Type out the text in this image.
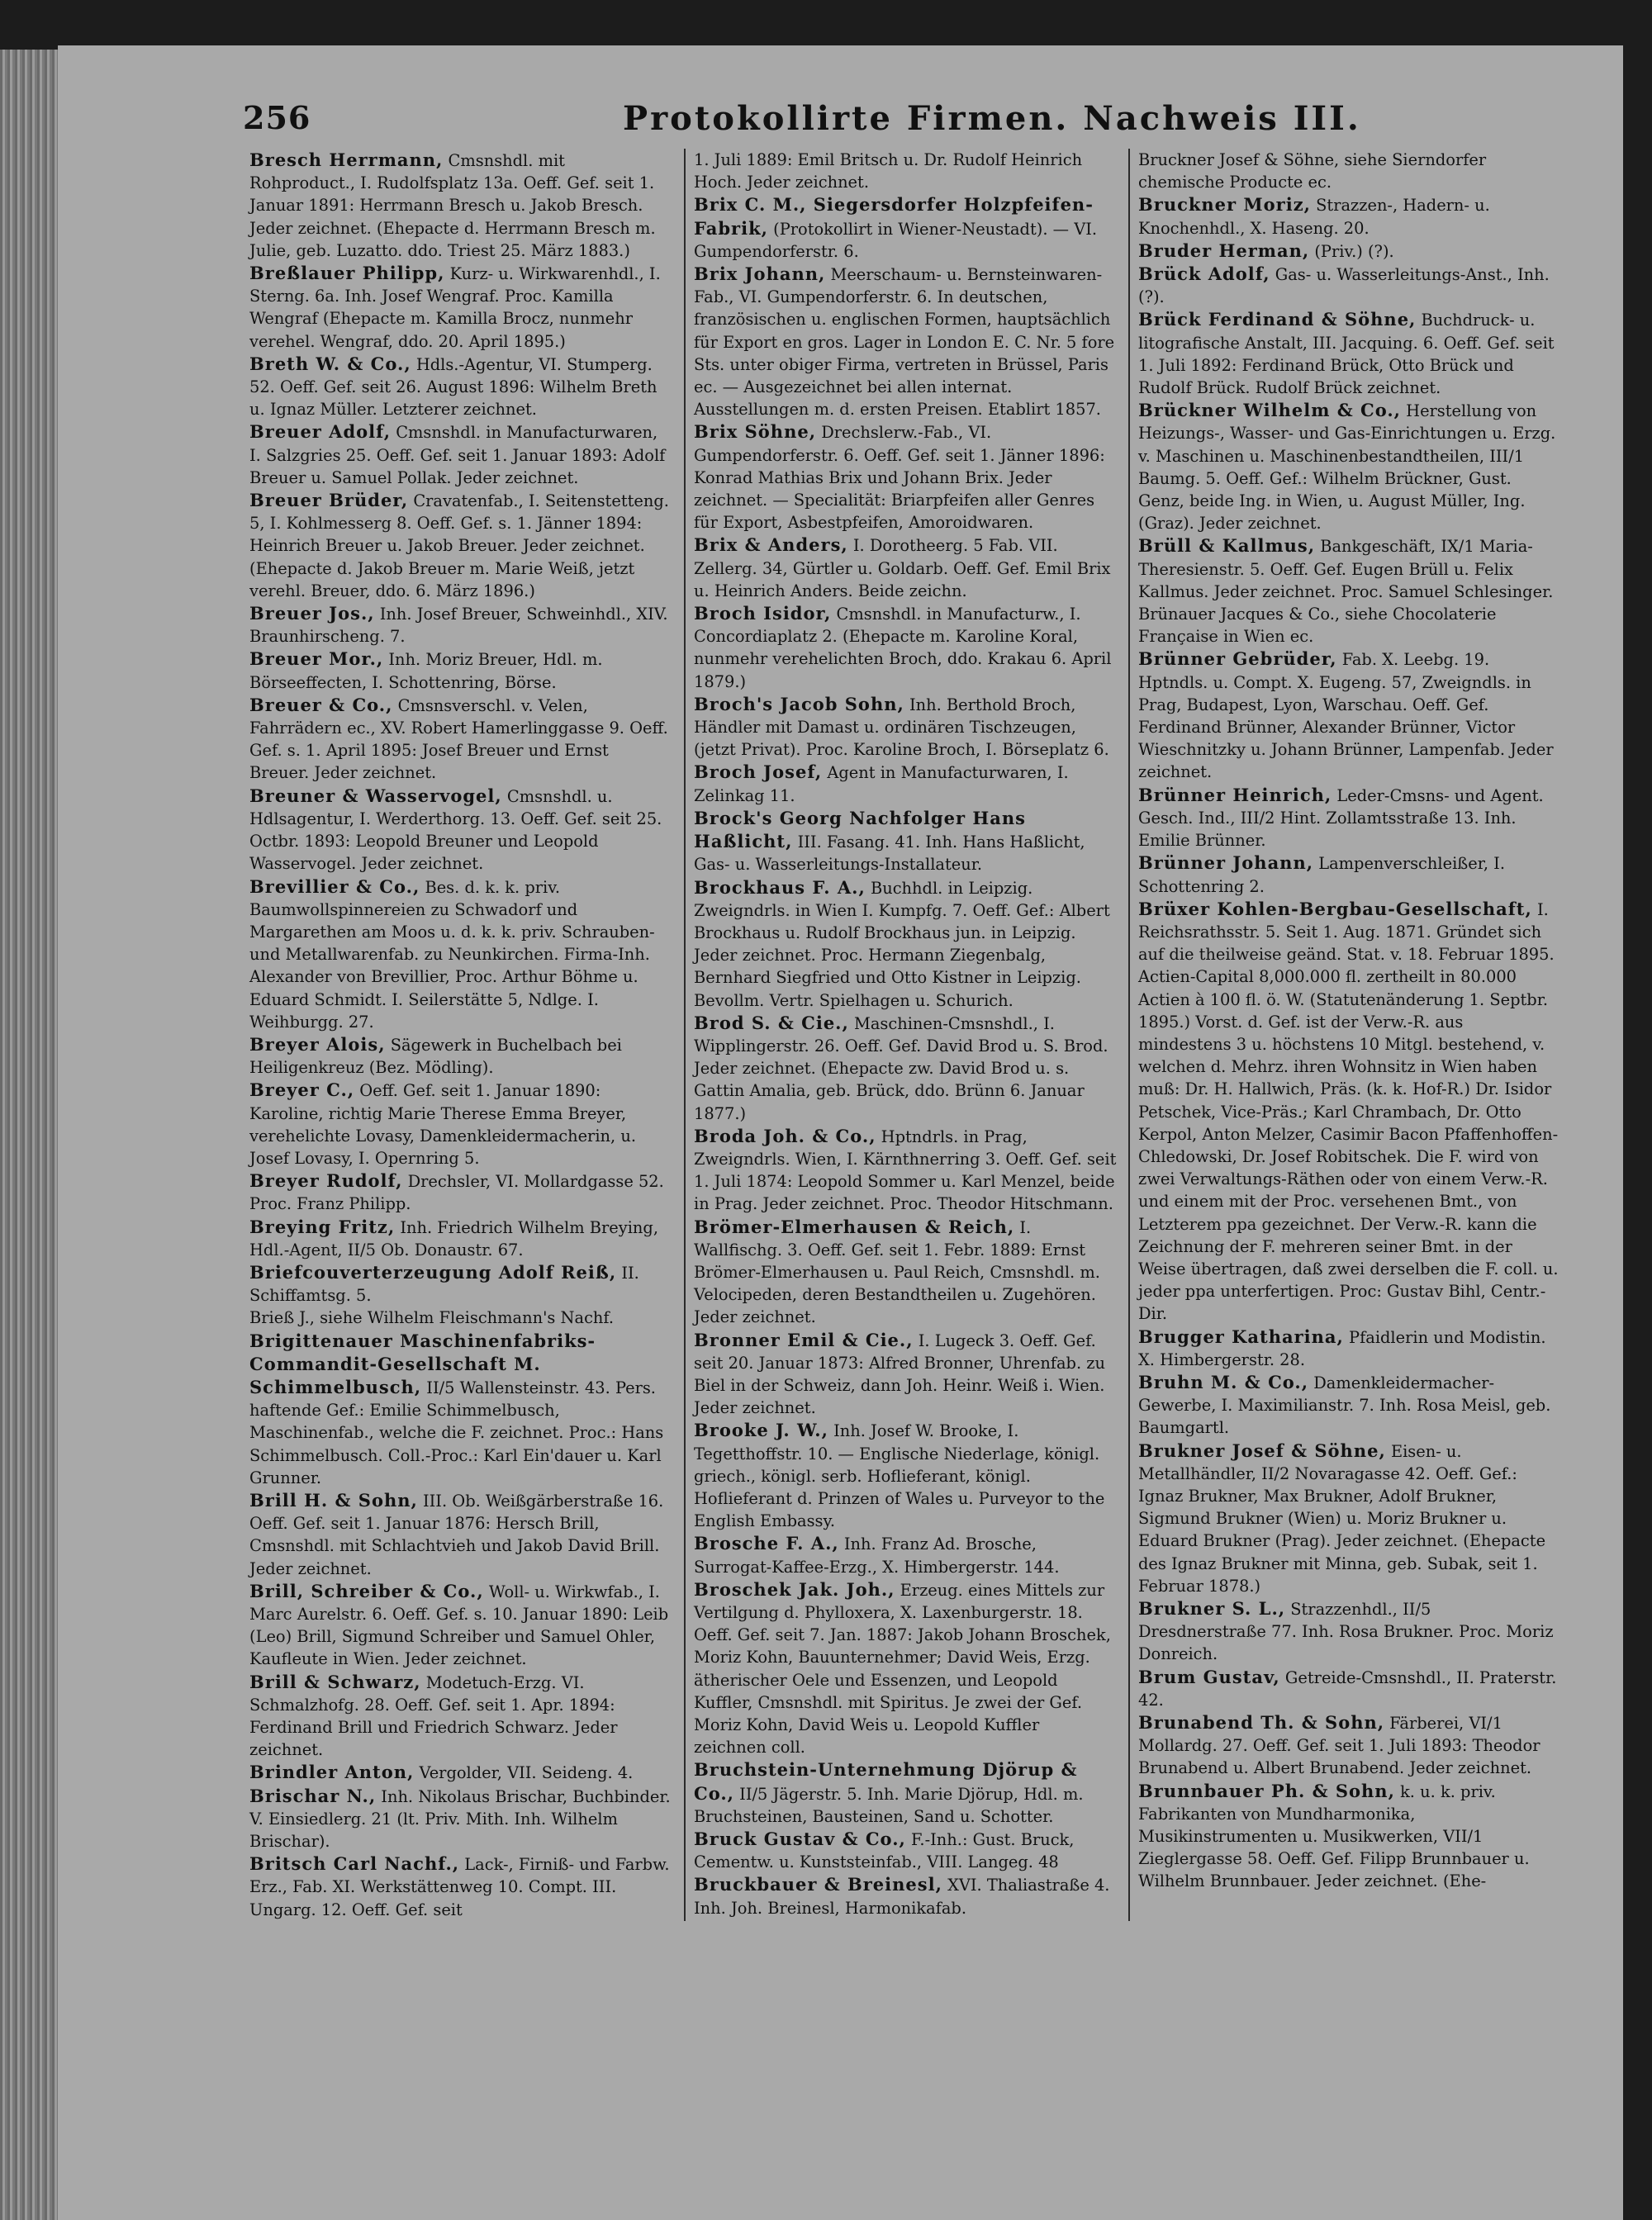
256	Protokollirte Firmen. Nachweis III.

Bresch Herrmann, Cmsnshdl. mit Rohproduct., I. Rudolfsplatz 13a. Oeff. Gef. seit 1. Januar 1891: Herrmann Bresch u. Jakob Bresch. Jeder zeichnet. (Ehepacte d. Herrmann Bresch m. Julie, geb. Luzatto. ddo. Triest 25. März 1883.)

Breßlauer Philipp, Kurz- u. Wirkwarenhdl., I. Sterng. 6a. Inh. Josef Wengraf. Proc. Kamilla Wengraf (Ehepacte m. Kamilla Brocz, nunmehr verehel. Wengraf, ddo. 20. April 1895.)

Breth W. & Co., Hdls.-Agentur, VI. Stumperg. 52. Oeff. Gef. seit 26. August 1896: Wilhelm Breth u. Ignaz Müller. Letzterer zeichnet.

Breuer Adolf, Cmsnshdl. in Manufacturwaren, I. Salzgries 25. Oeff. Gef. seit 1. Januar 1893: Adolf Breuer u. Samuel Pollak. Jeder zeichnet.

Breuer Brüder, Cravatenfab., I. Seitenstetteng. 5, I. Kohlmesserg 8. Oeff. Gef. s. 1. Jänner 1894: Heinrich Breuer u. Jakob Breuer. Jeder zeichnet. (Ehepacte d. Jakob Breuer m. Marie Weiß, jetzt verehl. Breuer, ddo. 6. März 1896.)

Breuer Jos., Inh. Josef Breuer, Schweinhdl., XIV. Braunhirscheng. 7.

Breuer Mor., Inh. Moriz Breuer, Hdl. m. Börseeffecten, I. Schottenring, Börse.

Breuer & Co., Cmsnsverschl. v. Velen, Fahrrädern ec., XV. Robert Hamerlinggasse 9. Oeff. Gef. s. 1. April 1895: Josef Breuer und Ernst Breuer. Jeder zeichnet.

Breuner & Wasservogel, Cmsnshdl. u. Hdlsagentur, I. Werderthorg. 13. Oeff. Gef. seit 25. Octbr. 1893: Leopold Breuner und Leopold Wasservogel. Jeder zeichnet.

Brevillier & Co., Bes. d. k. k. priv. Baumwollspinnereien zu Schwadorf und Margarethen am Moos u. d. k. k. priv. Schrauben- und Metallwarenfab. zu Neunkirchen. Firma-Inh. Alexander von Brevillier, Proc. Arthur Böhme u. Eduard Schmidt. I. Seilerstätte 5, Ndlge. I. Weihburgg. 27.

Breyer Alois, Sägewerk in Buchelbach bei Heiligenkreuz (Bez. Mödling).

Breyer C., Oeff. Gef. seit 1. Januar 1890: Karoline, richtig Marie Therese Emma Breyer, verehelichte Lovasy, Damenkleidermacherin, u. Josef Lovasy, I. Opernring 5.

Breyer Rudolf, Drechsler, VI. Mollardgasse 52. Proc. Franz Philipp.

Breying Fritz, Inh. Friedrich Wilhelm Breying, Hdl.-Agent, II/5 Ob. Donaustr. 67.

Briefcouverterzeugung Adolf Reiß, II. Schiffamtsg. 5.

Brieß J., siehe Wilhelm Fleischmann's Nachf.

Brigittenauer Maschinenfabriks-Commandit-Gesellschaft M. Schimmelbusch, II/5 Wallensteinstr. 43. Pers. haftende Gef.: Emilie Schimmelbusch, Maschinenfab., welche die F. zeichnet. Proc.: Hans Schimmelbusch. Coll.-Proc.: Karl Ein'dauer u. Karl Grunner.

Brill H. & Sohn, III. Ob. Weißgärberstraße 16. Oeff. Gef. seit 1. Januar 1876: Hersch Brill, Cmsnshdl. mit Schlachtvieh und Jakob David Brill. Jeder zeichnet.

Brill, Schreiber & Co., Woll- u. Wirkwfab., I. Marc Aurelstr. 6. Oeff. Gef. s. 10. Januar 1890: Leib (Leo) Brill, Sigmund Schreiber und Samuel Ohler, Kaufleute in Wien. Jeder zeichnet.

Brill & Schwarz, Modetuch-Erzg. VI. Schmalzhofg. 28. Oeff. Gef. seit 1. Apr. 1894: Ferdinand Brill und Friedrich Schwarz. Jeder zeichnet.

Brindler Anton, Vergolder, VII. Seideng. 4.

Brischar N., Inh. Nikolaus Brischar, Buchbinder. V. Einsiedlerg. 21 (lt. Priv. Mith. Inh. Wilhelm Brischar).

Britsch Carl Nachf., Lack-, Firniß- und Farbw. Erz., Fab. XI. Werkstättenweg 10. Compt. III. Ungarg. 12. Oeff. Gef. seit

1. Juli 1889: Emil Britsch u. Dr. Rudolf Heinrich Hoch. Jeder zeichnet.

Brix C. M., Siegersdorfer Holzpfeifen-Fabrik, (Protokollirt in Wiener-Neustadt). — VI. Gumpendorferstr. 6.

Brix Johann, Meerschaum- u. Bernsteinwaren-Fab., VI. Gumpendorferstr. 6. In deutschen, französischen u. englischen Formen, hauptsächlich für Export en gros. Lager in London E. C. Nr. 5 fore Sts. unter obiger Firma, vertreten in Brüssel, Paris ec. — Ausgezeichnet bei allen internat. Ausstellungen m. d. ersten Preisen. Etablirt 1857.

Brix Söhne, Drechslerw.-Fab., VI. Gumpendorferstr. 6. Oeff. Gef. seit 1. Jänner 1896: Konrad Mathias Brix und Johann Brix. Jeder zeichnet. — Specialität: Briarpfeifen aller Genres für Export, Asbestpfeifen, Amoroidwaren.

Brix & Anders, I. Dorotheerg. 5 Fab. VII. Zellerg. 34, Gürtler u. Goldarb. Oeff. Gef. Emil Brix u. Heinrich Anders. Beide zeichn.

Broch Isidor, Cmsnshdl. in Manufacturw., I. Concordiaplatz 2. (Ehepacte m. Karoline Koral, nunmehr verehelichten Broch, ddo. Krakau 6. April 1879.)

Broch's Jacob Sohn, Inh. Berthold Broch, Händler mit Damast u. ordinären Tischzeugen, (jetzt Privat). Proc. Karoline Broch, I. Börseplatz 6.

Broch Josef, Agent in Manufacturwaren, I. Zelinkag 11.

Brock's Georg Nachfolger Hans Haßlicht, III. Fasang. 41. Inh. Hans Haßlicht, Gas- u. Wasserleitungs-Installateur.

Brockhaus F. A., Buchhdl. in Leipzig. Zweigndrls. in Wien I. Kumpfg. 7. Oeff. Gef.: Albert Brockhaus u. Rudolf Brockhaus jun. in Leipzig. Jeder zeichnet. Proc. Hermann Ziegenbalg, Bernhard Siegfried und Otto Kistner in Leipzig. Bevollm. Vertr. Spielhagen u. Schurich.

Brod S. & Cie., Maschinen-Cmsnshdl., I. Wipplingerstr. 26. Oeff. Gef. David Brod u. S. Brod. Jeder zeichnet. (Ehepacte zw. David Brod u. s. Gattin Amalia, geb. Brück, ddo. Brünn 6. Januar 1877.)

Broda Joh. & Co., Hptndrls. in Prag, Zweigndrls. Wien, I. Kärnthnerring 3. Oeff. Gef. seit 1. Juli 1874: Leopold Sommer u. Karl Menzel, beide in Prag. Jeder zeichnet. Proc. Theodor Hitschmann.

Brömer-Elmerhausen & Reich, I. Wallfischg. 3. Oeff. Gef. seit 1. Febr. 1889: Ernst Brömer-Elmerhausen u. Paul Reich, Cmsnshdl. m. Velocipeden, deren Bestandtheilen u. Zugehören. Jeder zeichnet.

Bronner Emil & Cie., I. Lugeck 3. Oeff. Gef. seit 20. Januar 1873: Alfred Bronner, Uhrenfab. zu Biel in der Schweiz, dann Joh. Heinr. Weiß i. Wien. Jeder zeichnet.

Brooke J. W., Inh. Josef W. Brooke, I. Tegetthoffstr. 10. — Englische Niederlage, königl. griech., königl. serb. Hoflieferant, königl. Hoflieferant d. Prinzen of Wales u. Purveyor to the English Embassy.

Brosche F. A., Inh. Franz Ad. Brosche, Surrogat-Kaffee-Erzg., X. Himbergerstr. 144.

Broschek Jak. Joh., Erzeug. eines Mittels zur Vertilgung d. Phylloxera, X. Laxenburgerstr. 18. Oeff. Gef. seit 7. Jan. 1887: Jakob Johann Broschek, Moriz Kohn, Bauunternehmer; David Weis, Erzg. ätherischer Oele und Essenzen, und Leopold Kuffler, Cmsnshdl. mit Spiritus. Je zwei der Gef. Moriz Kohn, David Weis u. Leopold Kuffler zeichnen coll.

Bruchstein-Unternehmung Djörup & Co., II/5 Jägerstr. 5. Inh. Marie Djörup, Hdl. m. Bruchsteinen, Bausteinen, Sand u. Schotter.

Bruck Gustav & Co., F.-Inh.: Gust. Bruck, Cementw. u. Kunststeinfab., VIII. Langeg. 48

Bruckbauer & Breinesl, XVI. Thaliastraße 4. Inh. Joh. Breinesl, Harmonikafab.

Bruckner Josef & Söhne, siehe Sierndorfer chemische Producte ec.

Bruckner Moriz, Strazzen-, Hadern- u. Knochenhdl., X. Haseng. 20.

Bruder Herman, (Priv.) (?).

Brück Adolf, Gas- u. Wasserleitungs-Anst., Inh. (?).

Brück Ferdinand & Söhne, Buchdruck- u. litografische Anstalt, III. Jacquing. 6. Oeff. Gef. seit 1. Juli 1892: Ferdinand Brück, Otto Brück und Rudolf Brück. Rudolf Brück zeichnet.

Brückner Wilhelm & Co., Herstellung von Heizungs-, Wasser- und Gas-Einrichtungen u. Erzg. v. Maschinen u. Maschinenbestandtheilen, III/1 Baumg. 5. Oeff. Gef.: Wilhelm Brückner, Gust. Genz, beide Ing. in Wien, u. August Müller, Ing. (Graz). Jeder zeichnet.

Brüll & Kallmus, Bankgeschäft, IX/1 Maria-Theresienstr. 5. Oeff. Gef. Eugen Brüll u. Felix Kallmus. Jeder zeichnet. Proc. Samuel Schlesinger.

Brünauer Jacques & Co., siehe Chocolaterie Française in Wien ec.

Brünner Gebrüder, Fab. X. Leebg. 19. Hptndls. u. Compt. X. Eugeng. 57, Zweigndls. in Prag, Budapest, Lyon, Warschau. Oeff. Gef. Ferdinand Brünner, Alexander Brünner, Victor Wieschnitzky u. Johann Brünner, Lampenfab. Jeder zeichnet.

Brünner Heinrich, Leder-Cmsns- und Agent. Gesch. Ind., III/2 Hint. Zollamtsstraße 13. Inh. Emilie Brünner.

Brünner Johann, Lampenverschleißer, I. Schottenring 2.

Brüxer Kohlen-Bergbau-Gesellschaft, I. Reichsrathsstr. 5. Seit 1. Aug. 1871. Gründet sich auf die theilweise geänd. Stat. v. 18. Februar 1895. Actien-Capital 8,000.000 fl. zertheilt in 80.000 Actien à 100 fl. ö. W. (Statutenänderung 1. Septbr. 1895.) Vorst. d. Gef. ist der Verw.-R. aus mindestens 3 u. höchstens 10 Mitgl. bestehend, v. welchen d. Mehrz. ihren Wohnsitz in Wien haben muß: Dr. H. Hallwich, Präs. (k. k. Hof-R.) Dr. Isidor Petschek, Vice-Präs.; Karl Chrambach, Dr. Otto Kerpol, Anton Melzer, Casimir Bacon Pfaffenhoffen-Chledowski, Dr. Josef Robitschek. Die F. wird von zwei Verwaltungs-Räthen oder von einem Verw.-R. und einem mit der Proc. versehenen Bmt., von Letzterem ppa gezeichnet. Der Verw.-R. kann die Zeichnung der F. mehreren seiner Bmt. in der Weise übertragen, daß zwei derselben die F. coll. u. jeder ppa unterfertigen. Proc: Gustav Bihl, Centr.-Dir.

Brugger Katharina, Pfaidlerin und Modistin. X. Himbergerstr. 28.

Bruhn M. & Co., Damenkleidermacher-Gewerbe, I. Maximilianstr. 7. Inh. Rosa Meisl, geb. Baumgartl.

Brukner Josef & Söhne, Eisen- u. Metallhändler, II/2 Novaragasse 42. Oeff. Gef.: Ignaz Brukner, Max Brukner, Adolf Brukner, Sigmund Brukner (Wien) u. Moriz Brukner u. Eduard Brukner (Prag). Jeder zeichnet. (Ehepacte des Ignaz Brukner mit Minna, geb. Subak, seit 1. Februar 1878.)

Brukner S. L., Strazzenhdl., II/5 Dresdnerstraße 77. Inh. Rosa Brukner. Proc. Moriz Donreich.

Brum Gustav, Getreide-Cmsnshdl., II. Praterstr. 42.

Brunabend Th. & Sohn, Färberei, VI/1 Mollardg. 27. Oeff. Gef. seit 1. Juli 1893: Theodor Brunabend u. Albert Brunabend. Jeder zeichnet.

Brunnbauer Ph. & Sohn, k. u. k. priv. Fabrikanten von Mundharmonika, Musikinstrumenten u. Musikwerken, VII/1 Zieglergasse 58. Oeff. Gef. Filipp Brunnbauer u. Wilhelm Brunnbauer. Jeder zeichnet. (Ehe-
